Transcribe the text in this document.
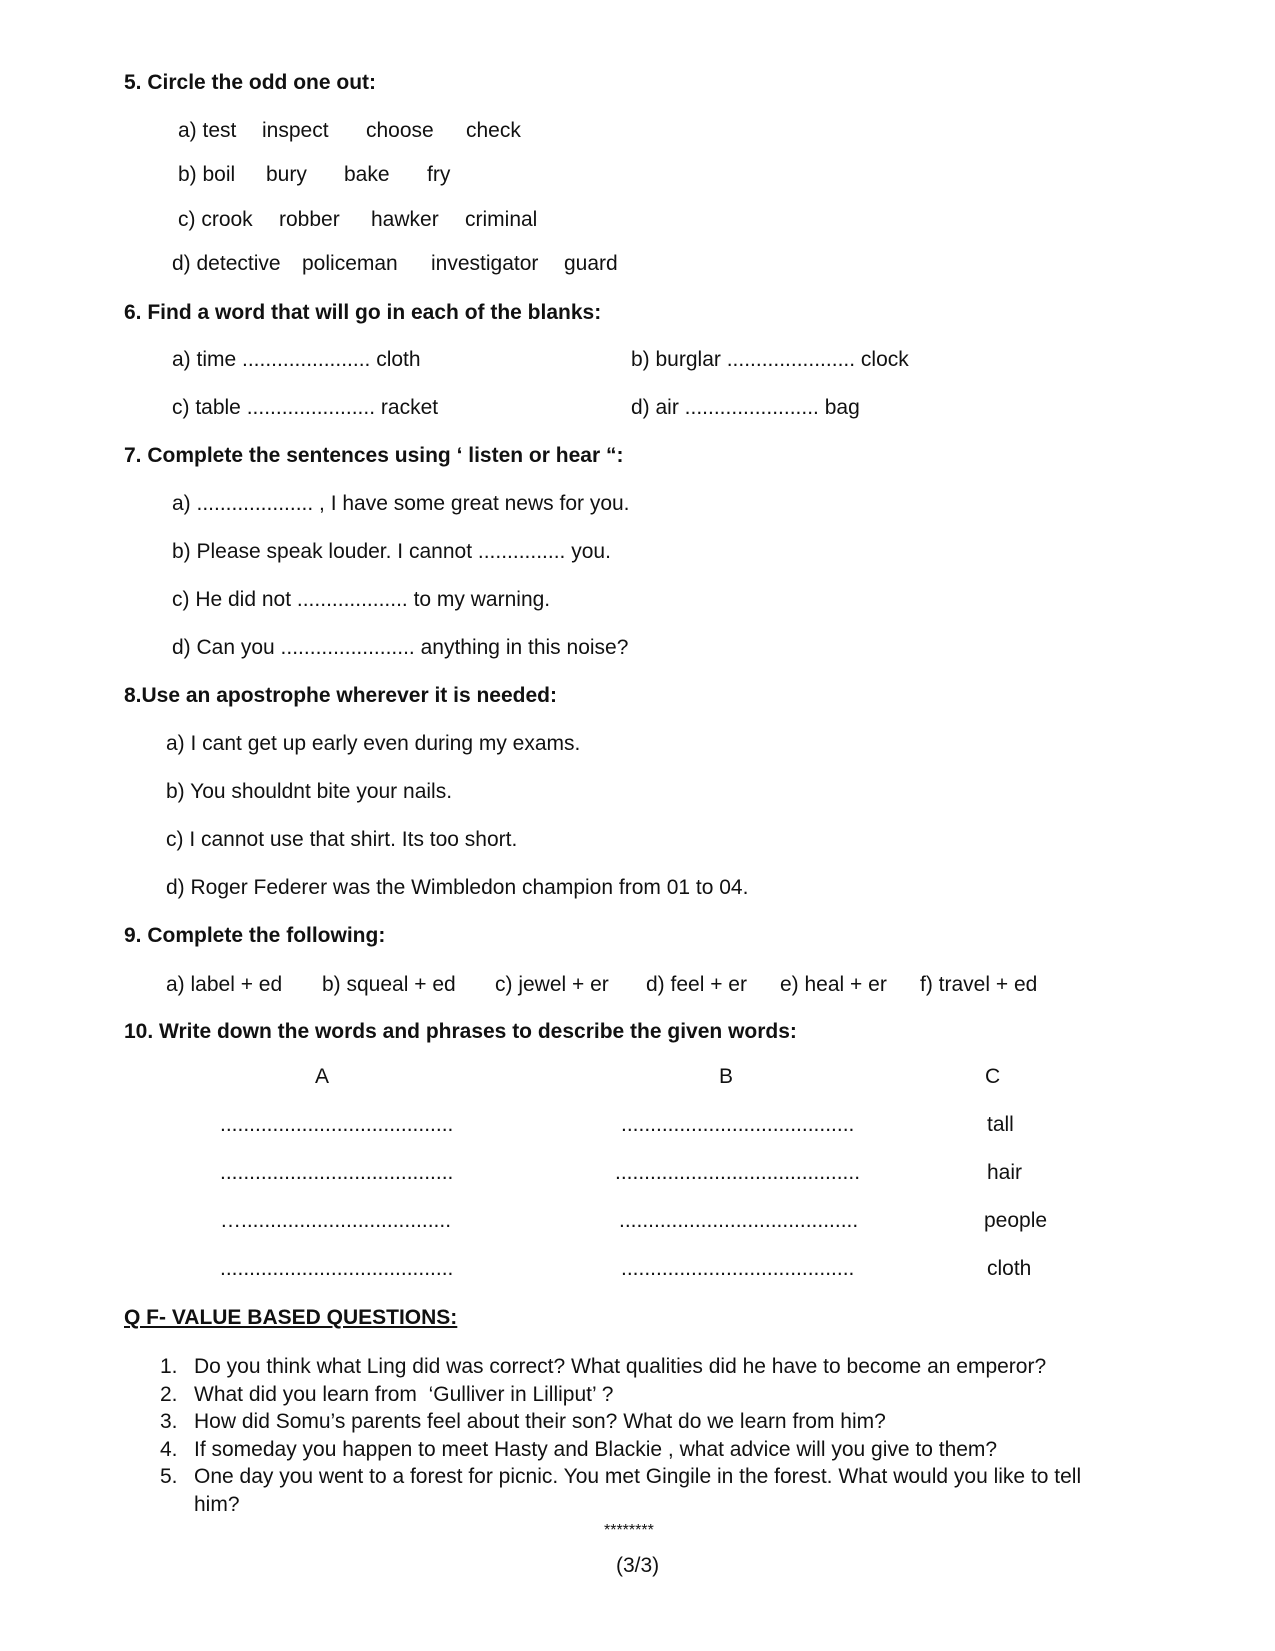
5. Circle the odd one out:
a) test inspect choose check
b) boil bury bake fry
c) crook robber hawker criminal
d) detective policeman investigator guard
6. Find a word that will go in each of the blanks:
a) time ...................... cloth	b) burglar ...................... clock
c) table ...................... racket	d) air ....................... bag
7. Complete the sentences using ‘ listen or hear “:
a) .................... , I have some great news for you.
b) Please speak louder. I cannot ............... you.
c) He did not ................... to my warning.
d) Can you ....................... anything in this noise?
8.Use an apostrophe wherever it is needed:
a) I cant get up early even during my exams.
b) You shouldnt bite your nails.
c) I cannot use that shirt. Its too short.
d) Roger Federer was the Wimbledon champion from 01 to 04.
9. Complete the following:
a) label + ed b) squeal + ed c) jewel + er d) feel + er e) heal + er f) travel + ed
10. Write down the words and phrases to describe the given words:
A	B	C
........................................	........................................	tall
........................................	..........................................	hair
…....................................	.........................................	people
........................................	........................................	cloth
Q F- VALUE BASED QUESTIONS:
1. Do you think what Ling did was correct? What qualities did he have to become an emperor?
2. What did you learn from  ‘Gulliver in Lilliput’ ?
3. How did Somu’s parents feel about their son? What do we learn from him?
4. If someday you happen to meet Hasty and Blackie , what advice will you give to them?
5. One day you went to a forest for picnic. You met Gingile in the forest. What would you like to tell him?
********
(3/3)
